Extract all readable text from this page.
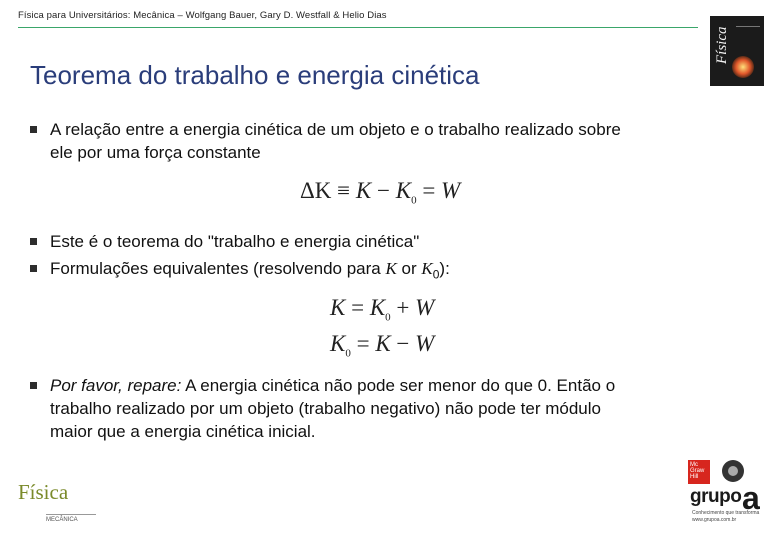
Física para Universitários: Mecânica – Wolfgang Bauer, Gary D. Westfall & Helio Dias
Física
Teorema do trabalho e energia cinética
A relação entre a energia cinética de um objeto e o trabalho realizado sobre
ele por uma força constante
$\Delta K \equiv K - K_0 = W$
Este é o teorema do "trabalho e energia cinética"
Formulações equivalentes (resolvendo para K or $K_0$):
$K = K_0 + W$
$K_0 = K - W$
Por favor, repare: A energia cinética não pode ser menor do que 0. Então o
trabalho realizado por um objeto (trabalho negativo) não pode ter módulo
maior que a energia cinética inicial.
Física
MECÂNICA
Mc Graw Hill
grupo a
Conhecimento que transforma www.grupoa.com.br
